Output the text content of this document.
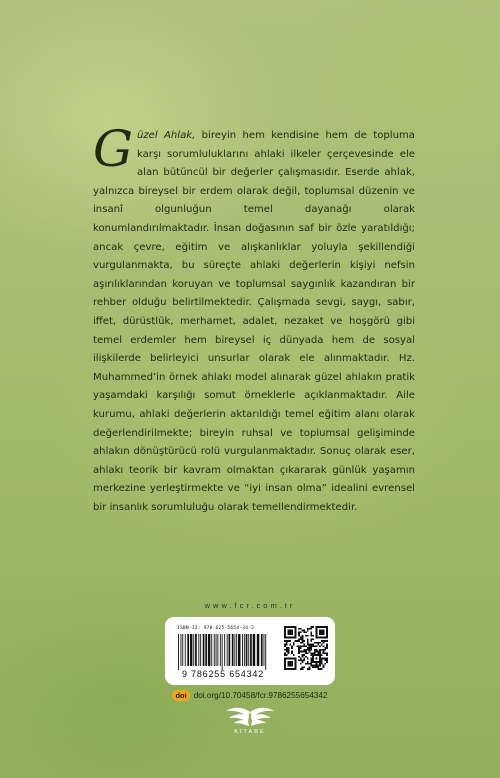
Güzel Ahlak, bireyin hem kendisine hem de topluma karşı sorumluluklarını ahlaki ilkeler çerçevesinde ele alan bütüncül bir değerler çalışmasıdır. Eserde ahlak, yalnızca bireysel bir erdem olarak değil, toplumsal düzenin ve insanî olgunluğun temel dayanağı olarak konumlandırılmaktadır. İnsan doğasının saf bir özle yaratıldığı; ancak çevre, eğitim ve alışkanlıklar yoluyla şekillendiği vurgulanmakta, bu süreçte ahlaki değerlerin kişiyi nefsin aşırılıklarından koruyan ve toplumsal saygınlık kazandıran bir rehber olduğu belirtilmektedir. Çalışmada sevgi, saygı, sabır, iffet, dürüstlük, merhamet, adalet, nezaket ve hoşgörü gibi temel erdemler hem bireysel iç dünyada hem de sosyal ilişkilerde belirleyici unsurlar olarak ele alınmaktadır. Hz. Muhammed’in örnek ahlakı model alınarak güzel ahlakın pratik yaşamdaki karşılığı somut örneklerle açıklanmaktadır. Aile kurumu, ahlaki değerlerin aktarıldığı temel eğitim alanı olarak değerlendirilmekte; bireyin ruhsal ve toplumsal gelişiminde ahlakın dönüştürücü rolü vurgulanmaktadır. Sonuç olarak eser, ahlakı teorik bir kavram olmaktan çıkararak günlük yaşamın merkezine yerleştirmekte ve “iyi insan olma” idealini evrensel bir insanlık sorumluluğu olarak temellendirmektedir.

www.fcr.com.tr
ISBN-13: 978-625-5654-34-2
9 786255 654342
doi doi.org/10.70458/fcr.9786255654342
KİTABE
